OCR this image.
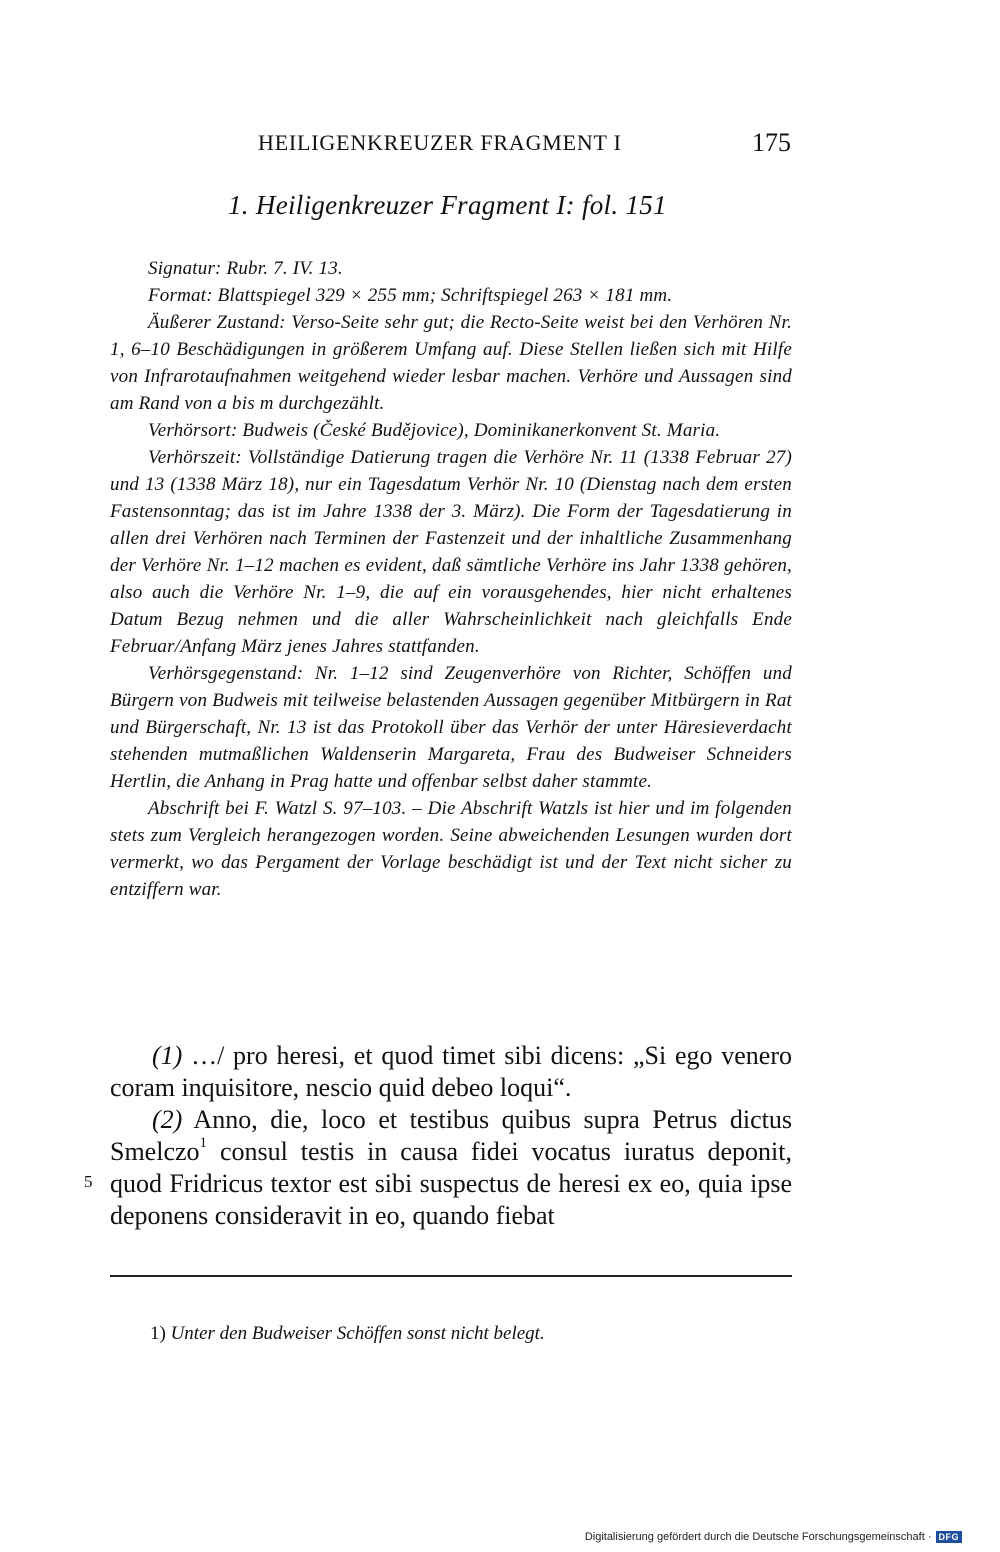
HEILIGENKREUZER FRAGMENT I	175
1. Heiligenkreuzer Fragment I: fol. 151

Signatur: Rubr. 7. IV. 13.

Format: Blattspiegel 329 × 255 mm; Schriftspiegel 263 × 181 mm.

Äußerer Zustand: Verso-Seite sehr gut; die Recto-Seite weist bei den Verhören Nr. 1, 6–10 Beschädigungen in größerem Umfang auf. Diese Stellen ließen sich mit Hilfe von Infrarotaufnahmen weitgehend wieder lesbar machen. Verhöre und Aussagen sind am Rand von a bis m durchgezählt.

Verhörsort: Budweis (České Budějovice), Dominikanerkonvent St. Maria.

Verhörszeit: Vollständige Datierung tragen die Verhöre Nr. 11 (1338 Februar 27) und 13 (1338 März 18), nur ein Tagesdatum Verhör Nr. 10 (Dienstag nach dem ersten Fastensonntag; das ist im Jahre 1338 der 3. März). Die Form der Tagesdatierung in allen drei Verhören nach Terminen der Fastenzeit und der inhaltliche Zusammenhang der Verhöre Nr. 1–12 machen es evident, daß sämtliche Verhöre ins Jahr 1338 gehören, also auch die Verhöre Nr. 1–9, die auf ein vorausgehendes, hier nicht erhaltenes Datum Bezug nehmen und die aller Wahrscheinlichkeit nach gleichfalls Ende Februar/Anfang März jenes Jahres stattfanden.

Verhörsgegenstand: Nr. 1–12 sind Zeugenverhöre von Richter, Schöffen und Bürgern von Budweis mit teilweise belastenden Aussagen gegenüber Mitbürgern in Rat und Bürgerschaft, Nr. 13 ist das Protokoll über das Verhör der unter Häresieverdacht stehenden mutmaßlichen Waldenserin Margareta, Frau des Budweiser Schneiders Hertlin, die Anhang in Prag hatte und offenbar selbst daher stammte.

Abschrift bei F. Watzl S. 97–103. – Die Abschrift Watzls ist hier und im folgenden stets zum Vergleich herangezogen worden. Seine abweichenden Lesungen wurden dort vermerkt, wo das Pergament der Vorlage beschädigt ist und der Text nicht sicher zu entziffern war.

(1) …/ pro heresi, et quod timet sibi dicens: „Si ego venero coram inquisitore, nescio quid debeo loqui“.

(2) Anno, die, loco et testibus quibus supra Petrus dictus Smelczo$^1$ consul testis in causa fidei vocatus iuratus deponit, quod Fridricus textor est sibi suspectus de heresi ex eo, quia ipse deponens consideravit in eo, quando fiebat

5
1) Unter den Budweiser Schöffen sonst nicht belegt.
Digitalisierung gefördert durch die Deutsche Forschungsgemeinschaft · DFG
